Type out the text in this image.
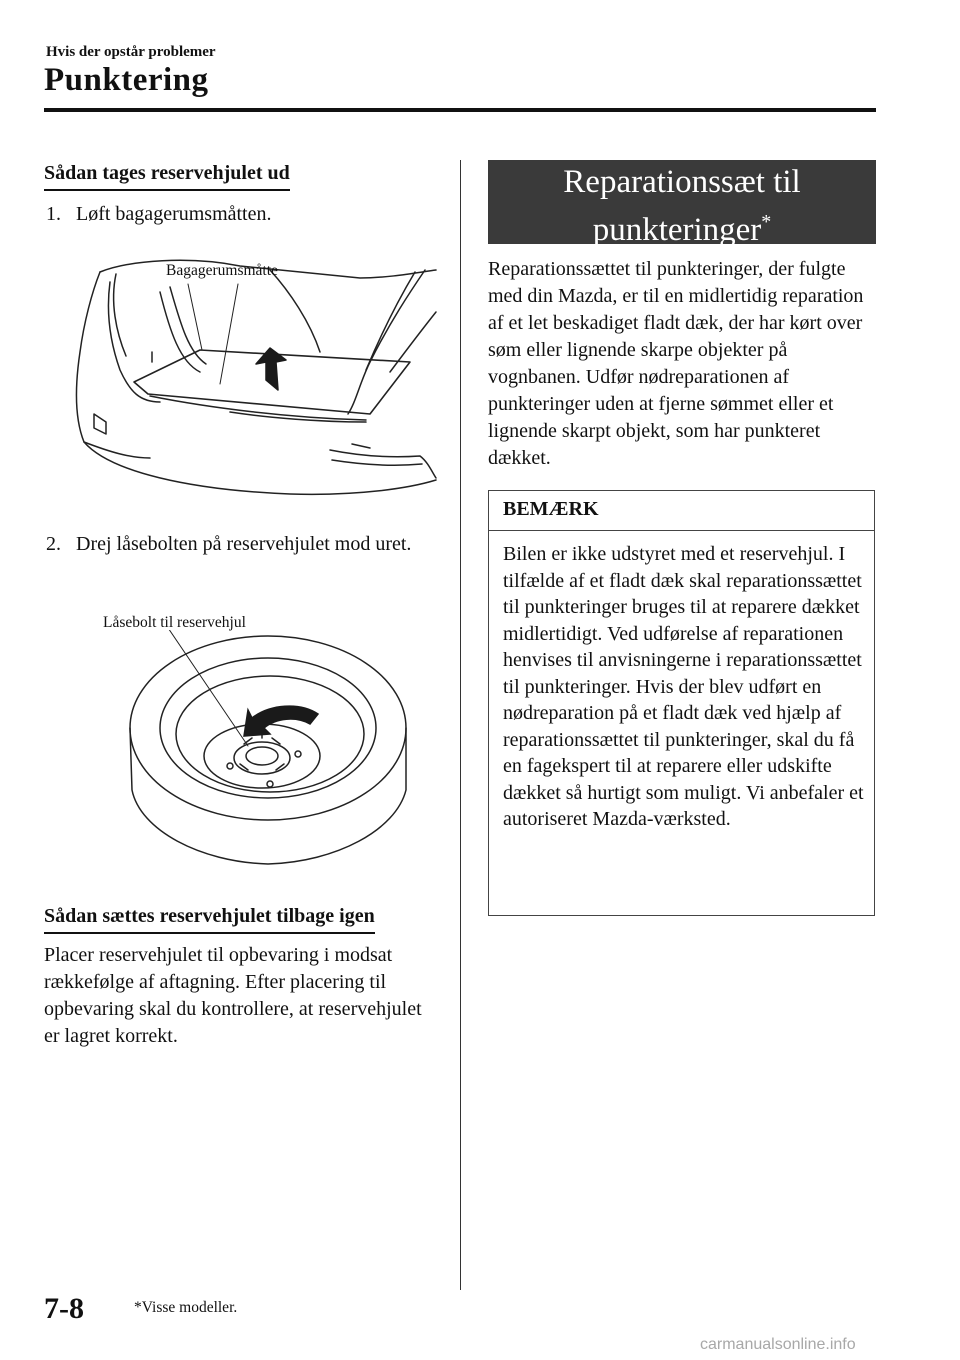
Hvis der opstår problemer
Punktering
Sådan tages reservehjulet ud
1. Løft bagagerumsmåtten.
Bagagerumsmåtte
2. Drej låsebolten på reservehjulet mod uret.
Låsebolt til reservehjul
Sådan sættes reservehjulet tilbage igen
Placer reservehjulet til opbevaring i modsat rækkefølge af aftagning. Efter placering til opbevaring skal du kontrollere, at reservehjulet er lagret korrekt.
Reparationssæt til
punkteringer*
Reparationssættet til punkteringer, der fulgte med din Mazda, er til en midlertidig reparation af et let beskadiget fladt dæk, der har kørt over søm eller lignende skarpe objekter på vognbanen. Udfør nødreparationen af punkteringer uden at fjerne sømmet eller et lignende skarpt objekt, som har punkteret dækket.
BEMÆRK
Bilen er ikke udstyret med et reservehjul. I tilfælde af et fladt dæk skal reparationssættet til punkteringer bruges til at reparere dækket midlertidigt. Ved udførelse af reparationen henvises til anvisningerne i reparationssættet til punkteringer. Hvis der blev udført en nødreparation på et fladt dæk ved hjælp af reparationssættet til punkteringer, skal du få en fagekspert til at reparere eller udskifte dækket så hurtigt som muligt. Vi anbefaler et autoriseret Mazda-værksted.
7-8	*Visse modeller.
carmanualsonline.info
